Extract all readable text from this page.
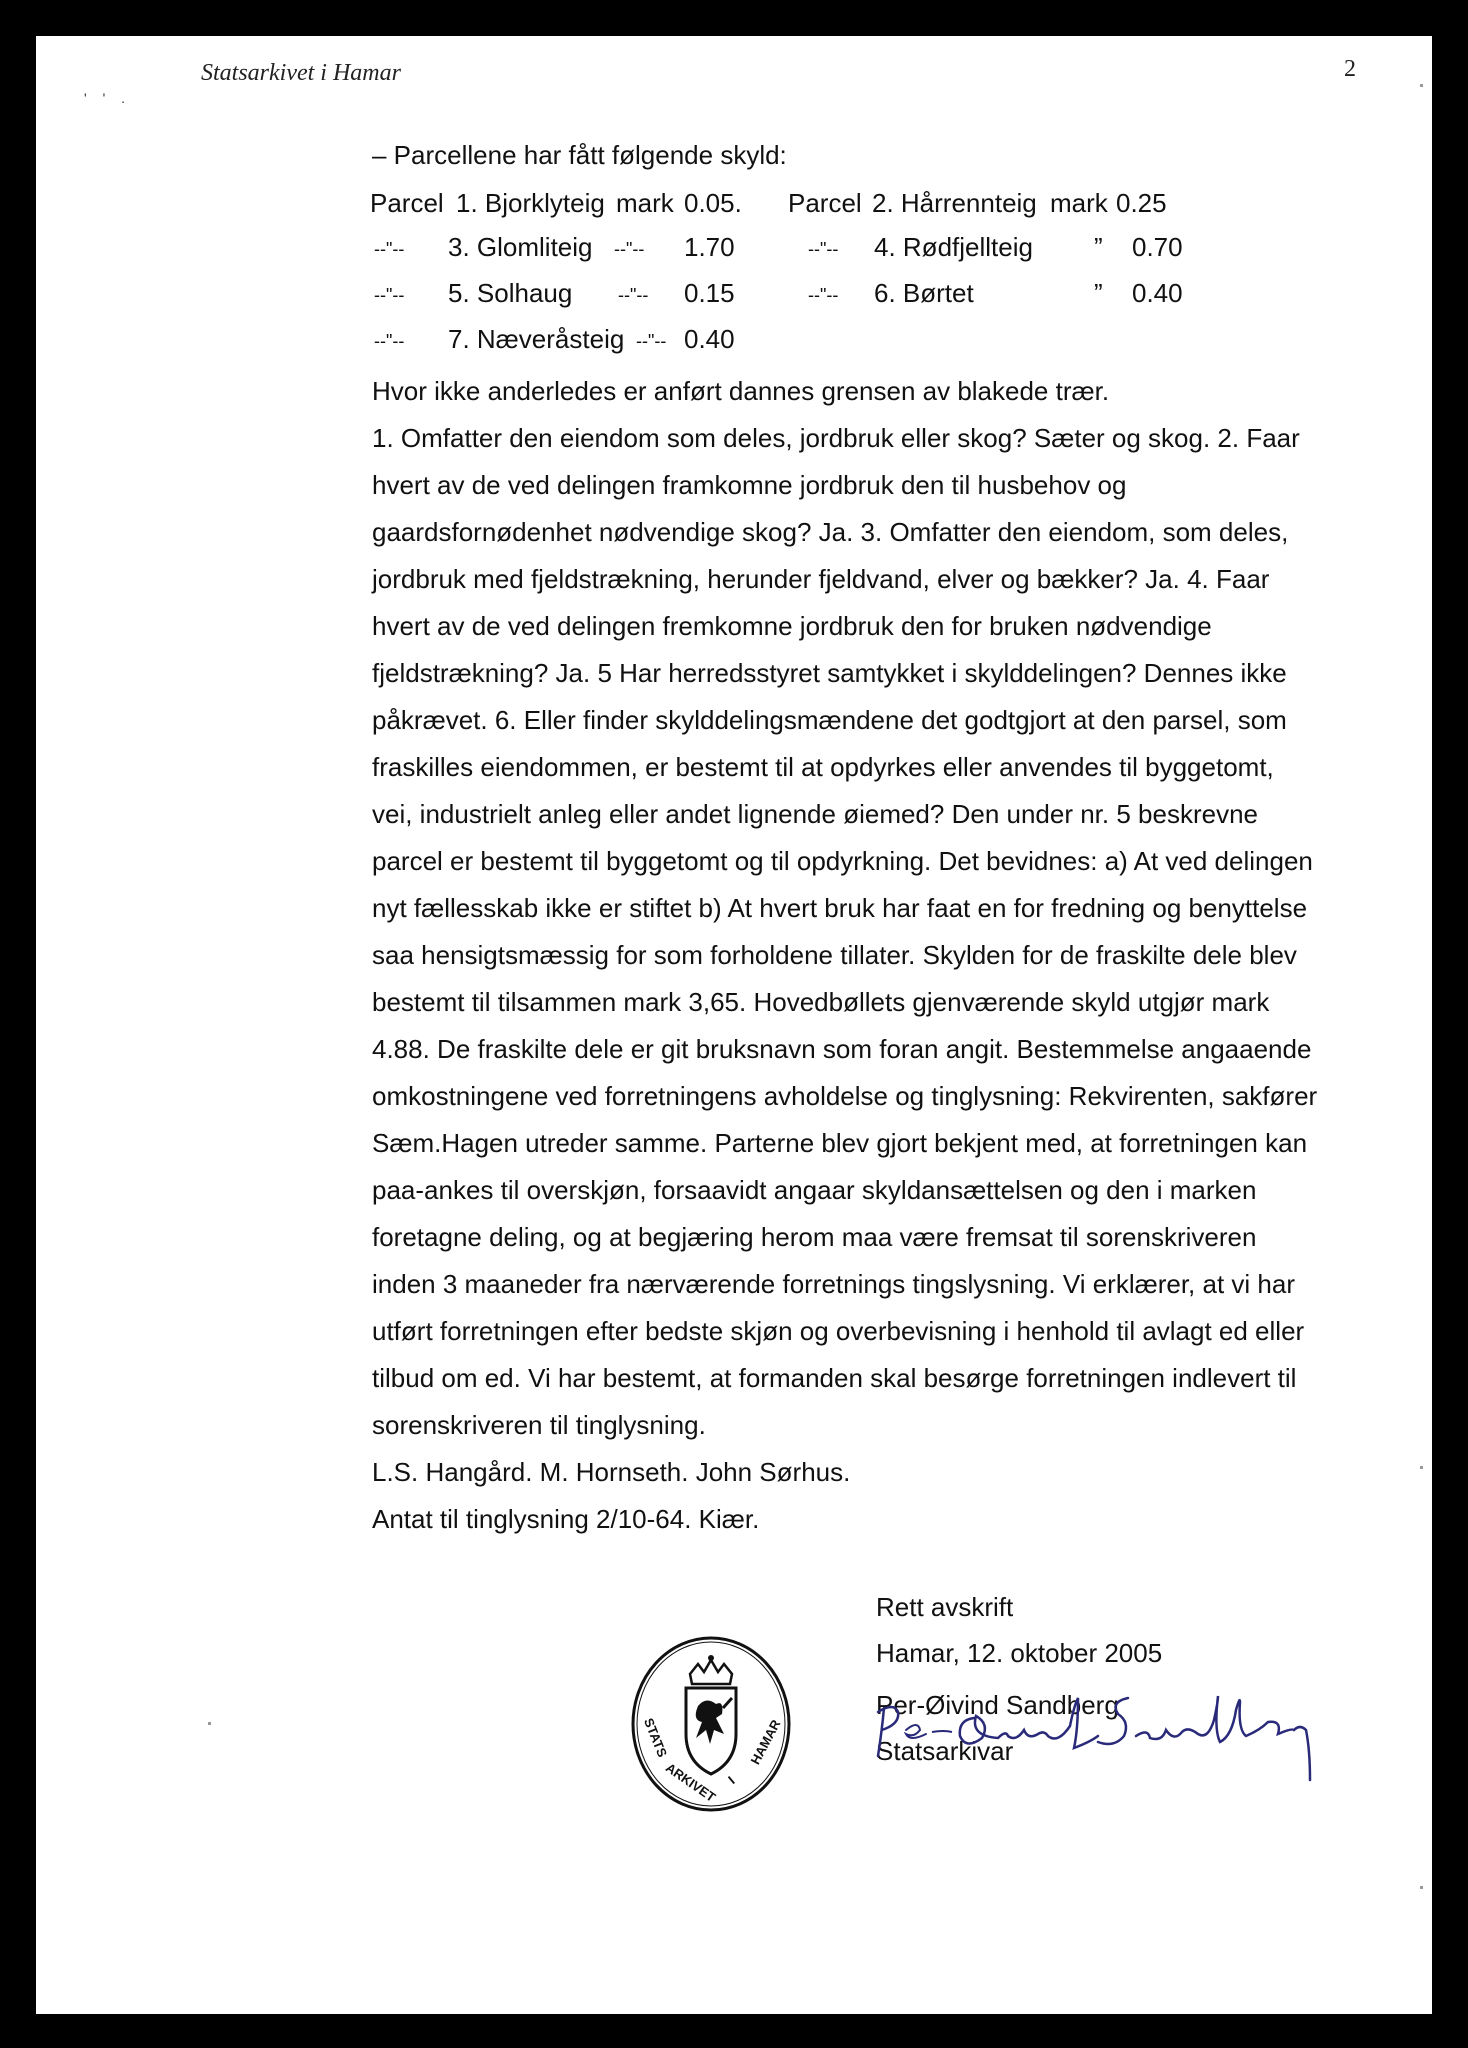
' ' .
Statsarkivet i Hamar	2
– Parcellene har fått følgende skyld:
Parcel 1. Bjorklyteig mark 0.05. Parcel 2. Hårrennteig mark 0.25
--"-- 3. Glomliteig --"-- 1.70	--"-- 4. Rødfjellteig ” 0.70
--"-- 5. Solhaug	--"-- 0.15	--"-- 6. Børtet	” 0.40
--"-- 7. Næveråsteig --"-- 0.40
Hvor ikke anderledes er anført dannes grensen av blakede trær.
1. Omfatter den eiendom som deles, jordbruk eller skog? Sæter og skog. 2. Faar
hvert av de ved delingen framkomne jordbruk den til husbehov og
gaardsfornødenhet nødvendige skog? Ja. 3. Omfatter den eiendom, som deles,
jordbruk med fjeldstrækning, herunder fjeldvand, elver og bækker? Ja. 4. Faar
hvert av de ved delingen fremkomne jordbruk den for bruken nødvendige
fjeldstrækning? Ja. 5 Har herredsstyret samtykket i skylddelingen? Dennes ikke
påkrævet. 6. Eller finder skylddelingsmændene det godtgjort at den parsel, som
fraskilles eiendommen, er bestemt til at opdyrkes eller anvendes til byggetomt,
vei, industrielt anleg eller andet lignende øiemed? Den under nr. 5 beskrevne
parcel er bestemt til byggetomt og til opdyrkning. Det bevidnes: a) At ved delingen
nyt fællesskab ikke er stiftet b) At hvert bruk har faat en for fredning og benyttelse
saa hensigtsmæssig for som forholdene tillater. Skylden for de fraskilte dele blev
bestemt til tilsammen mark 3,65. Hovedbøllets gjenværende skyld utgjør mark
4.88. De fraskilte dele er git bruksnavn som foran angit. Bestemmelse angaaende
omkostningene ved forretningens avholdelse og tinglysning: Rekvirenten, sakfører
Sæm.Hagen utreder samme. Parterne blev gjort bekjent med, at forretningen kan
paa-ankes til overskjøn, forsaavidt angaar skyldansættelsen og den i marken
foretagne deling, og at begjæring herom maa være fremsat til sorenskriveren
inden 3 maaneder fra nærværende forretnings tingslysning. Vi erklærer, at vi har
utført forretningen efter bedste skjøn og overbevisning i henhold til avlagt ed eller
tilbud om ed. Vi har bestemt, at formanden skal besørge forretningen indlevert til
sorenskriveren til tinglysning.
L.S. Hangård. M. Hornseth. John Sørhus.
Antat til tinglysning 2/10-64. Kiær.
STATS
ARKIVET I
HAMAR
Rett avskrift
Hamar, 12. oktober 2005
Per-Øivind Sandberg
Statsarkivar
